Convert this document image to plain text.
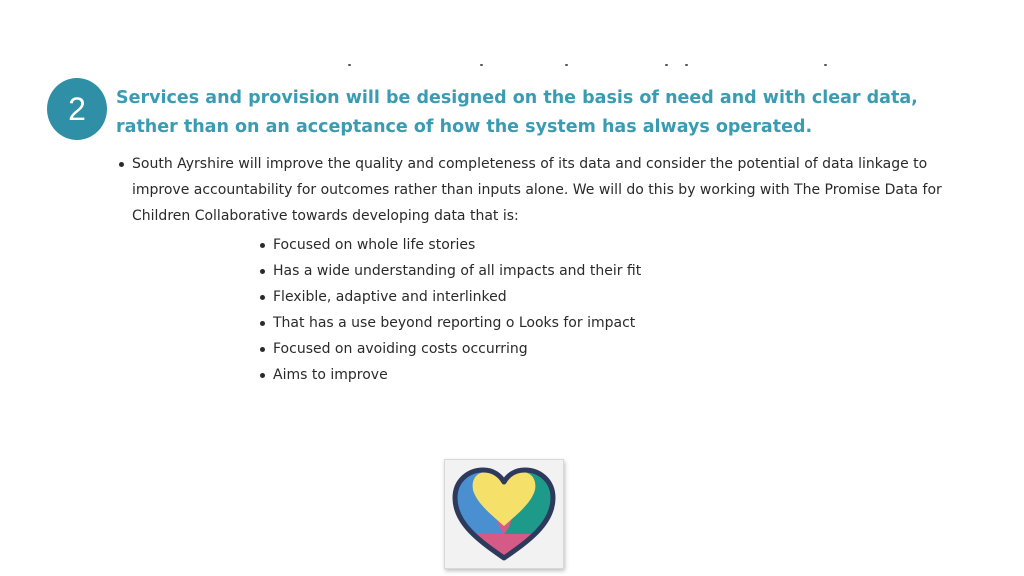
2	Services and provision will be designed on the basis of need and with clear data, rather than on an acceptance of how the system has always operated.
South Ayrshire will improve the quality and completeness of its data and consider the potential of data linkage to improve accountability for outcomes rather than inputs alone. We will do this by working with The Promise Data for Children Collaborative towards developing data that is:
Focused on whole life stories
Has a wide understanding of all impacts and their fit
Flexible, adaptive and interlinked
That has a use beyond reporting o Looks for impact
Focused on avoiding costs occurring
Aims to improve
